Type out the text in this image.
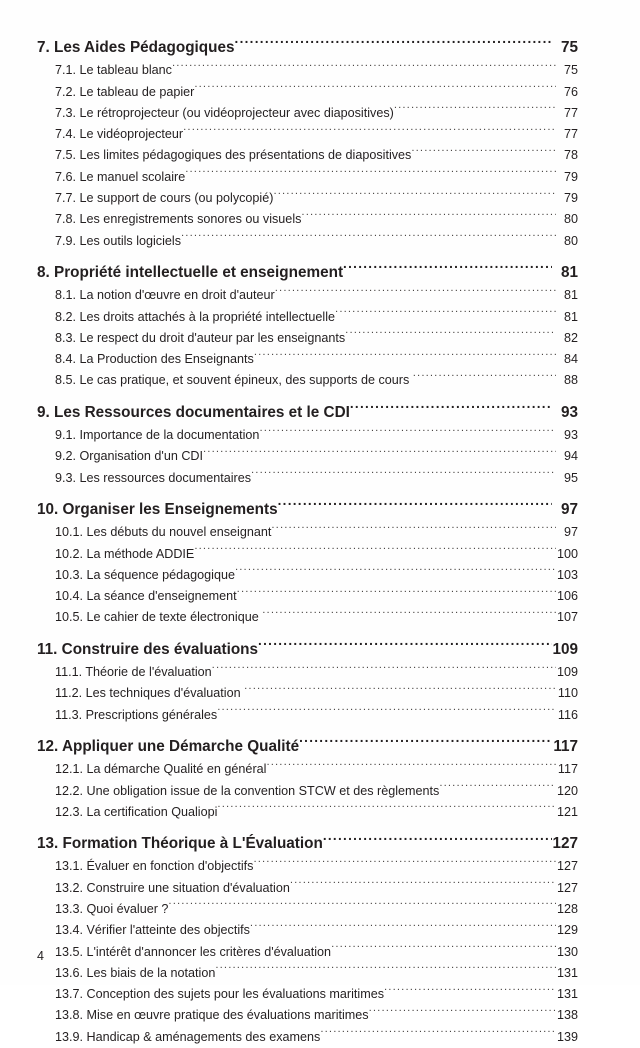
7. Les Aides Pédagogiques .....	75
7.1. Le tableau blanc .....	75
7.2. Le tableau de papier .....	76
7.3. Le rétroprojecteur (ou vidéoprojecteur avec diapositives) .....	77
7.4. Le vidéoprojecteur .....	77
7.5. Les limites pédagogiques des présentations de diapositives .....	78
7.6. Le manuel scolaire .....	79
7.7. Le support de cours (ou polycopié) .....	79
7.8. Les enregistrements sonores ou visuels .....	80
7.9. Les outils logiciels .....	80
8. Propriété intellectuelle et enseignement .....	81
8.1. La notion d'œuvre en droit d'auteur .....	81
8.2. Les droits attachés à la propriété intellectuelle .....	81
8.3. Le respect du droit d'auteur par les enseignants .....	82
8.4. La Production des Enseignants .....	84
8.5. Le cas pratique, et souvent épineux, des supports de cours .....	88
9. Les Ressources documentaires et le CDI .....	93
9.1. Importance de la documentation .....	93
9.2. Organisation d'un CDI .....	94
9.3. Les ressources documentaires .....	95
10. Organiser les Enseignements .....	97
10.1. Les débuts du nouvel enseignant .....	97
10.2. La méthode ADDIE .....	100
10.3. La séquence pédagogique .....	103
10.4. La séance d'enseignement .....	106
10.5. Le cahier de texte électronique .....	107
11. Construire des évaluations .....	109
11.1. Théorie de l'évaluation .....	109
11.2. Les techniques d'évaluation .....	110
11.3. Prescriptions générales .....	116
12. Appliquer une Démarche Qualité .....	117
12.1. La démarche Qualité en général .....	117
12.2. Une obligation issue de la convention STCW et des règlements .....	120
12.3. La certification Qualiopi .....	121
13. Formation Théorique à L'Évaluation .....	127
13.1. Évaluer en fonction d'objectifs .....	127
13.2. Construire une situation d'évaluation .....	127
13.3. Quoi évaluer ? .....	128
13.4. Vérifier l'atteinte des objectifs .....	129
13.5. L'intérêt d'annoncer les critères d'évaluation .....	130
13.6. Les biais de la notation .....	131
13.7. Conception des sujets pour les évaluations maritimes .....	131
13.8. Mise en œuvre pratique des évaluations maritimes .....	138
13.9. Handicap & aménagements des examens .....	139
4
